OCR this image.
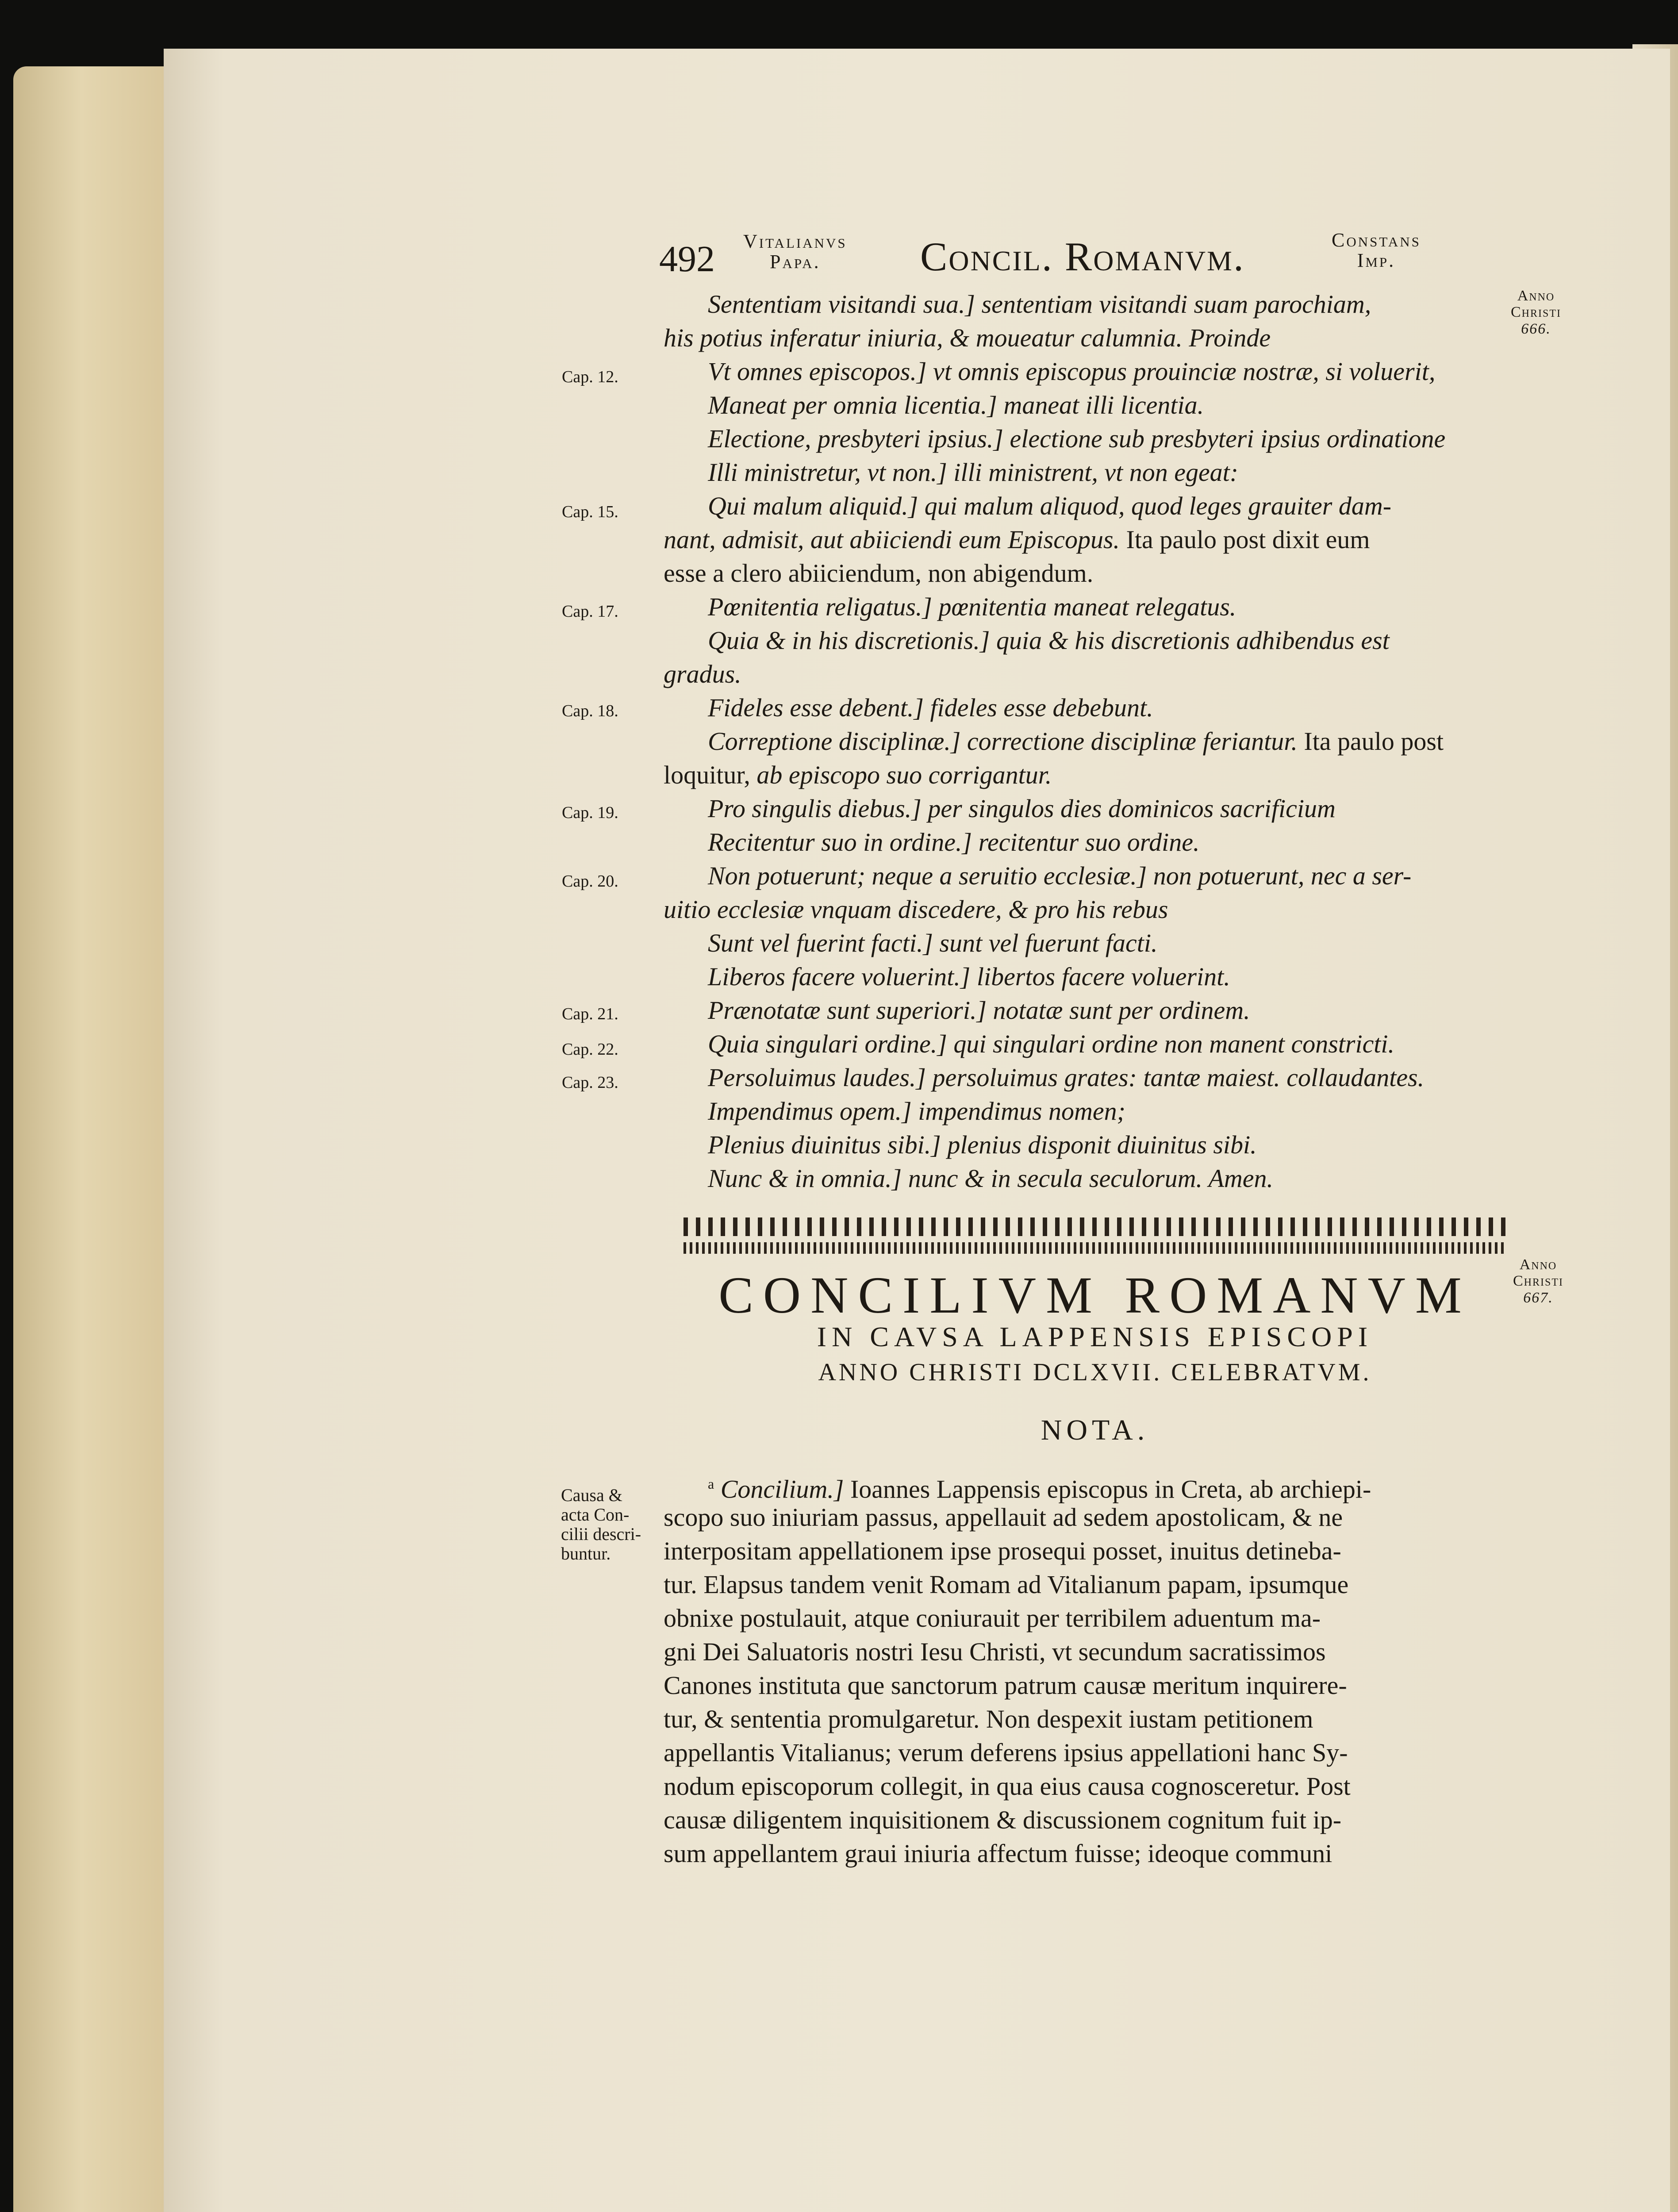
492 Vitalianvs
Papa.	Concil. Romanvm.	Constans
Imp.
Anno
Christi
666.
Cap. 12.
Cap. 15.
Cap. 17.
Cap. 18.
Cap. 19.
Cap. 20.
Cap. 21.
Cap. 22.
Cap. 23.
Sententiam visitandi sua.] sententiam visitandi suam parochiam,
his potius inferatur iniuria, & moueatur calumnia. Proinde
Vt omnes episcopos.] vt omnis episcopus prouinciæ nostræ, si voluerit,
Maneat per omnia licentia.] maneat illi licentia.
Electione, presbyteri ipsius.] electione sub presbyteri ipsius ordinatione
Illi ministretur, vt non.] illi ministrent, vt non egeat:
Qui malum aliquid.] qui malum aliquod, quod leges grauiter dam-
nant, admisit, aut abiiciendi eum Episcopus. Ita paulo post dixit eum
esse a clero abiiciendum, non abigendum.
Pœnitentia religatus.] pœnitentia maneat relegatus.
Quia & in his discretionis.] quia & his discretionis adhibendus est
gradus.
Fideles esse debent.] fideles esse debebunt.
Correptione disciplinæ.] correctione disciplinæ feriantur. Ita paulo post
loquitur, ab episcopo suo corrigantur.
Pro singulis diebus.] per singulos dies dominicos sacrificium
Recitentur suo in ordine.] recitentur suo ordine.
Non potuerunt; neque a seruitio ecclesiæ.] non potuerunt, nec a ser-
uitio ecclesiæ vnquam discedere, & pro his rebus
Sunt vel fuerint facti.] sunt vel fuerunt facti.
Liberos facere voluerint.] libertos facere voluerint.
Prænotatæ sunt superiori.] notatæ sunt per ordinem.
Quia singulari ordine.] qui singulari ordine non manent constricti.
Persoluimus laudes.] persoluimus grates: tantæ maiest. collaudantes.
Impendimus opem.] impendimus nomen;
Plenius diuinitus sibi.] plenius disponit diuinitus sibi.
Nunc & in omnia.] nunc & in secula seculorum. Amen.
Anno
Christi
667.
CONCILIVM ROMANVM
IN CAVSA LAPPENSIS EPISCOPI
ANNO CHRISTI DCLXVII. CELEBRATVM.
NOTA.
Causa &
acta Con-
cilii descri-
buntur.
$^a$ Concilium.] Ioannes Lappensis episcopus in Creta, ab archiepi-
scopo suo iniuriam passus, appellauit ad sedem apostolicam, & ne
interpositam appellationem ipse prosequi posset, inuitus detineba-
tur. Elapsus tandem venit Romam ad Vitalianum papam, ipsumque
obnixe postulauit, atque coniurauit per terribilem aduentum ma-
gni Dei Saluatoris nostri Iesu Christi, vt secundum sacratissimos
Canones instituta que sanctorum patrum causæ meritum inquirere-
tur, & sententia promulgaretur. Non despexit iustam petitionem
appellantis Vitalianus; verum deferens ipsius appellationi hanc Sy-
nodum episcoporum collegit, in qua eius causa cognosceretur. Post
causæ diligentem inquisitionem & discussionem cognitum fuit ip-
sum appellantem graui iniuria affectum fuisse; ideoque communi
